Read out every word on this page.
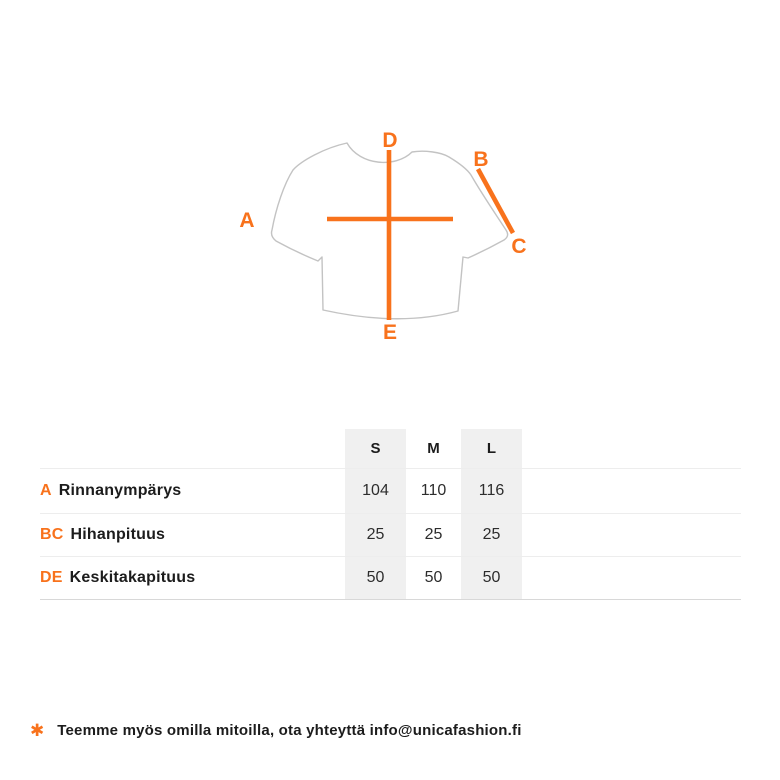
A
B
C
D
E
S	M	L
A Rinnanympärys	104	110	116
BC Hihanpituus	25	25	25
DE Keskitakapituus	50	50	50
✱ Teemme myös omilla mitoilla, ota yhteyttä info@unicafashion.fi
